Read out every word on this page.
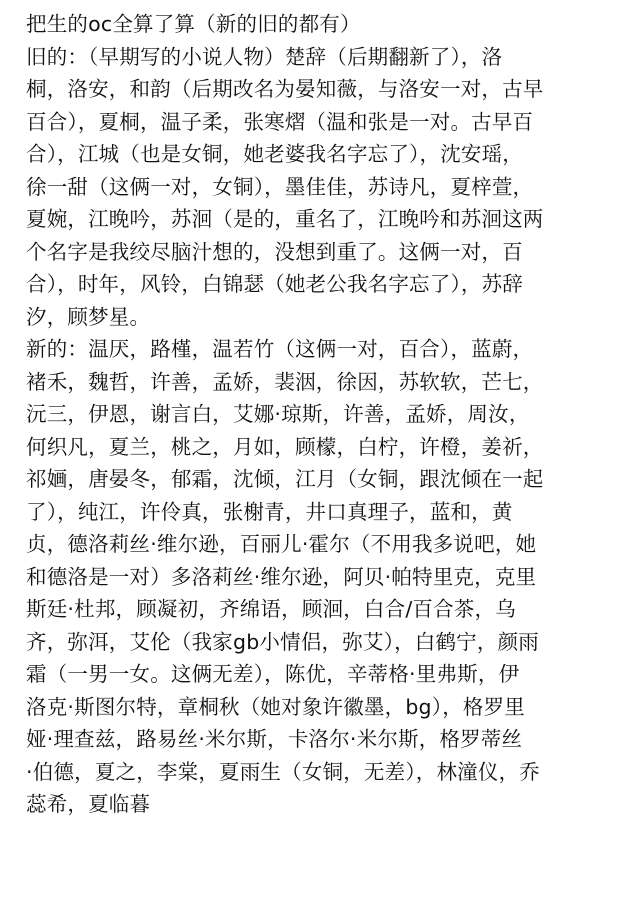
把生的oc全算了算（新的旧的都有）
旧的：（早期写的小说人物）楚辞（后期翻新了），洛
桐，洛安，和韵（后期改名为晏知薇，与洛安一对，古早
百合），夏桐，温子柔，张寒熠（温和张是一对。古早百
合），江城（也是女铜，她老婆我名字忘了），沈安瑶，
徐一甜（这俩一对，女铜），墨佳佳，苏诗凡，夏梓萱，
夏婉，江晚吟，苏洄（是的，重名了，江晚吟和苏洄这两
个名字是我绞尽脑汁想的，没想到重了。这俩一对，百
合），时年，风铃，白锦瑟（她老公我名字忘了），苏辞
汐，顾梦星。
新的：温厌，路槿，温若竹（这俩一对，百合），蓝蔚，
褚禾，魏哲，许善，孟娇，裴洇，徐因，苏软软，芒七，
沅三，伊恩，谢言白，艾娜·琼斯，许善，孟娇，周汝，
何织凡，夏兰，桃之，月如，顾檬，白柠，许橙，姜祈，
祁婳，唐晏冬，郁霜，沈倾，江月（女铜，跟沈倾在一起
了），纯江，许伶真，张榭青，井口真理子，蓝和，黄
贞，德洛莉丝·维尔逊，百丽儿·霍尔（不用我多说吧，她
和德洛是一对）多洛莉丝·维尔逊，阿贝·帕特里克，克里
斯廷·杜邦，顾凝初，齐绵语，顾洄，白合/百合茶，乌
齐，弥洱，艾伦（我家gb小情侣，弥艾），白鹤宁，颜雨
霜（一男一女。这俩无差），陈优，辛蒂格·里弗斯，伊
洛克·斯图尔特，章桐秋（她对象许徽墨，bg），格罗里
娅·理查兹，路易丝·米尔斯，卡洛尔·米尔斯，格罗蒂丝
·伯德，夏之，李棠，夏雨生（女铜，无差），林潼仪，乔
蕊希，夏临暮
